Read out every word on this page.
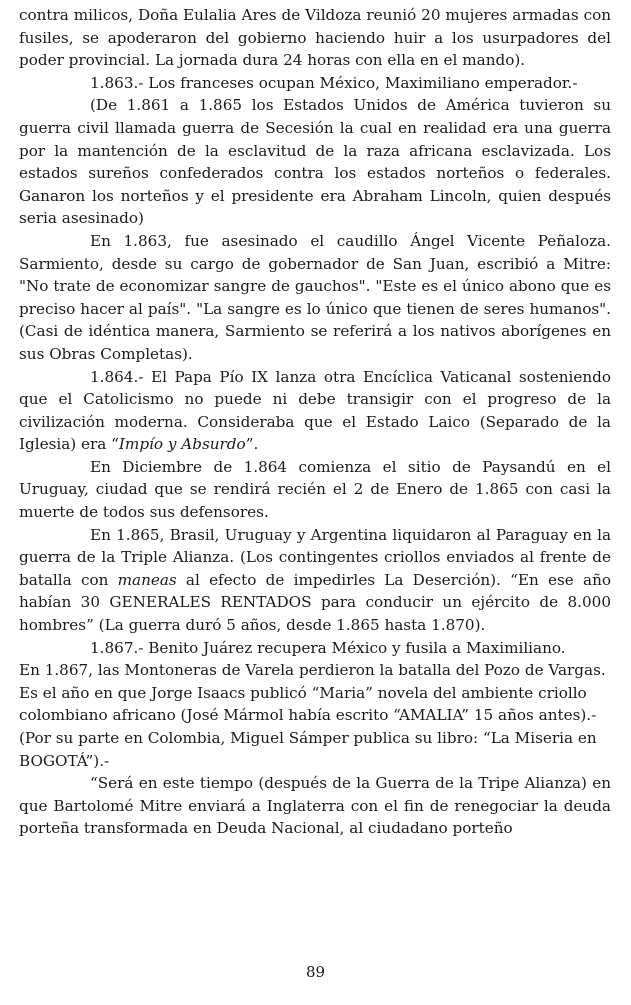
contra milicos, Doña Eulalia Ares de Vildoza reunió 20 mujeres armadas con fusiles, se apoderaron del gobierno haciendo huir a los usurpadores del poder provincial. La jornada dura 24 horas con ella en el mando).

1.863.- Los franceses ocupan México, Maximiliano emperador.-

(De 1.861 a 1.865 los Estados Unidos de América tuvieron su guerra civil llamada guerra de Secesión la cual en realidad era una guerra por la mantención de la esclavitud de la raza africana esclavizada. Los estados sureños confederados contra los estados norteños o federales. Ganaron los norteños y el presidente era Abraham Lincoln, quien después seria asesinado)

En 1.863, fue asesinado el caudillo Ángel Vicente Peñaloza. Sarmiento, desde su cargo de gobernador de San Juan, escribió a Mitre: "No trate de economizar sangre de gauchos". "Este es el único abono que es preciso hacer al país". "La sangre es lo único que tienen de seres humanos". (Casi de idéntica manera, Sarmiento se referirá a los nativos aborígenes en sus Obras Completas).

1.864.- El Papa Pío IX lanza otra Encíclica Vaticanal sosteniendo que el Catolicismo no puede ni debe transigir con el progreso de la civilización moderna. Consideraba que el Estado Laico (Separado de la Iglesia) era “Impío y Absurdo”.

En Diciembre de 1.864 comienza el sitio de Paysandú en el Uruguay, ciudad que se rendirá recién el 2 de Enero de 1.865 con casi la muerte de todos sus defensores.

En 1.865, Brasil, Uruguay y Argentina liquidaron al Paraguay en la guerra de la Triple Alianza. (Los contingentes criollos enviados al frente de batalla con maneas al efecto de impedirles La Deserción). “En ese año habían 30 GENERALES RENTADOS para conducir un ejército de 8.000 hombres” (La guerra duró 5 años, desde 1.865 hasta 1.870).

1.867.- Benito Juárez recupera México y fusila a Maximiliano.

En 1.867, las Montoneras de Varela perdieron la batalla del Pozo de Vargas. Es el año en que Jorge Isaacs publicó “Maria” novela del ambiente criollo colombiano africano (José Mármol había escrito “AMALIA” 15 años antes).- (Por su parte en Colombia, Miguel Sámper publica su libro: “La Miseria en BOGOTÁ”).-

“Será en este tiempo (después de la Guerra de la Tripe Alianza) en que Bartolomé Mitre enviará a Inglaterra con el fin de renegociar la deuda porteña transformada en Deuda Nacional, al ciudadano porteño

89
